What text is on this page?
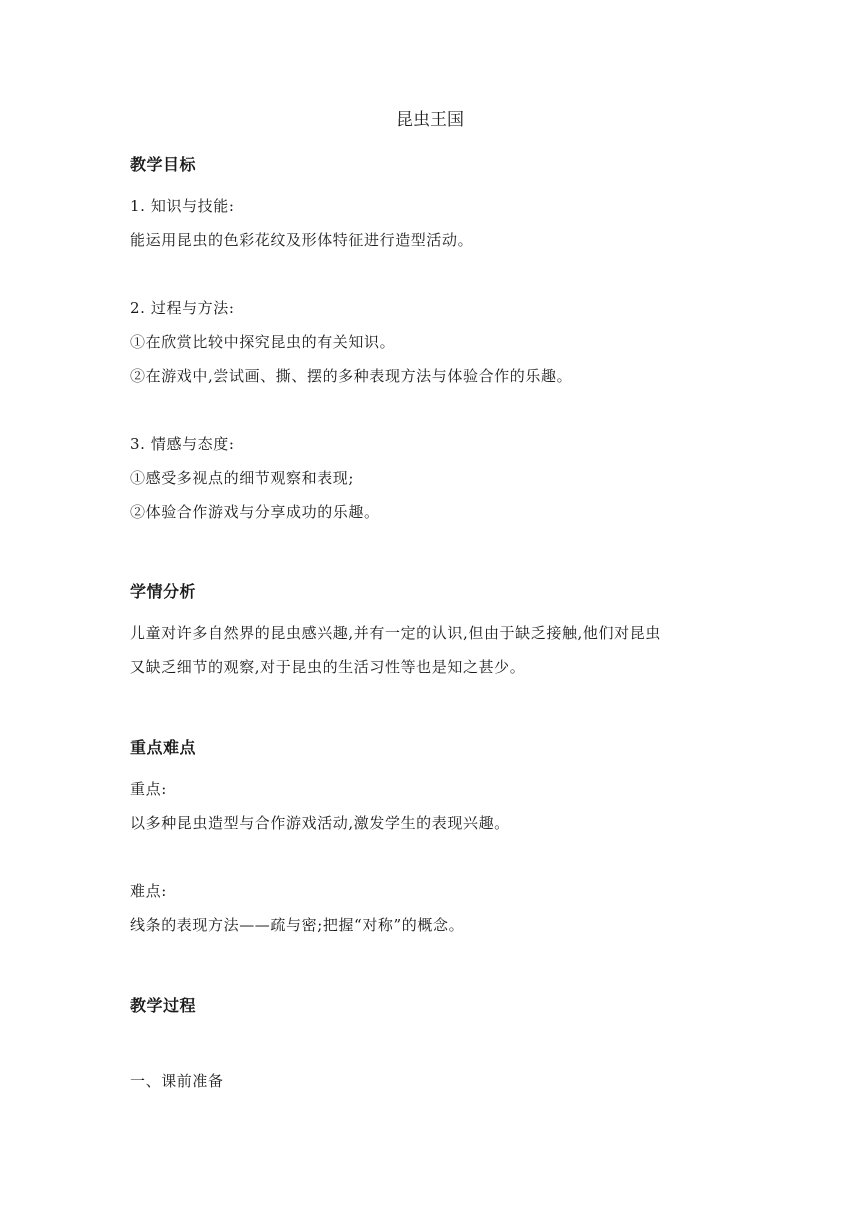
昆虫王国
教学目标
1. 知识与技能:
能运用昆虫的色彩花纹及形体特征进行造型活动。
2. 过程与方法:
①在欣赏比较中探究昆虫的有关知识。
②在游戏中,尝试画、撕、摆的多种表现方法与体验合作的乐趣。
3. 情感与态度:
①感受多视点的细节观察和表现;
②体验合作游戏与分享成功的乐趣。
学情分析
儿童对许多自然界的昆虫感兴趣,并有一定的认识,但由于缺乏接触,他们对昆虫
又缺乏细节的观察,对于昆虫的生活习性等也是知之甚少。
重点难点
重点:
以多种昆虫造型与合作游戏活动,激发学生的表现兴趣。
难点:
线条的表现方法——疏与密;把握“对称”的概念。
教学过程
一、课前准备
